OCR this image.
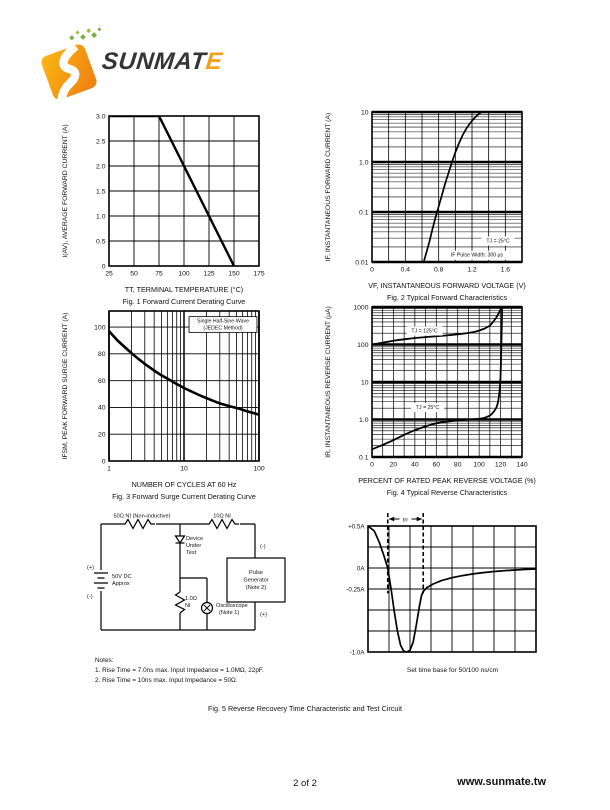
SUNMATE
I(AV), AVERAGE FORWARD CURRENT (A)
25	50	75 100 125 150 175
3.0
2.5
2.0
1.5
1.0
0.5
0
TT, TERMINAL TEMPERATURE (°C)
Fig. 1 Forward Current Derating Curve
IF, INSTANTANEOUS FORWARD CURRENT (A)	TJ = 25°C
IF Pulse Width: 300 μs
0	0.4	0.8	1.2	1.6
10
1.0
0.1
0.01
VF, INSTANTANEOUS FORWARD VOLTAGE (V)
Fig. 2 Typical Forward Characteristics
IFSM, PEAK FORWARD SURGE CURRENT (A)	Single Half-Sine-Wave
(JEDEC Method)
1	10	100
100
80
60
40
20
0
NUMBER OF CYCLES AT 60 Hz
Fig. 3 Forward Surge Current Derating Curve
IR, INSTANTANEOUS REVERSE CURRENT (μA)	TJ = 125°C
TJ = 25°C
0 20 40 60 80 100 120 140
1000
100
10
1.0
0.1
PERCENT OF RATED PEAK REVERSE VOLTAGE (%)
Fig. 4 Typical Reverse Characteristics
50Ω NI (Non-inductive)	10Ω NI
Device
Under
Test
(+)
(-)
50V DC
Approx
(-)
(+)
Pulse
Generator
(Note 2)
1.0Ω
NI	Oscilloscope
(Note 1)
Notes:
1. Rise Time = 7.0ns max. Input Impedance = 1.0MΩ, 22pF.
2. Rise Time = 10ns max. Input Impedance = 50Ω.
+0.5A
0A
-0.25A
-1.0A
trr
Set time base for 50/100 ns/cm
Fig. 5 Reverse Recovery Time Characteristic and Test Circuit
2 of 2	www.sunmate.tw
